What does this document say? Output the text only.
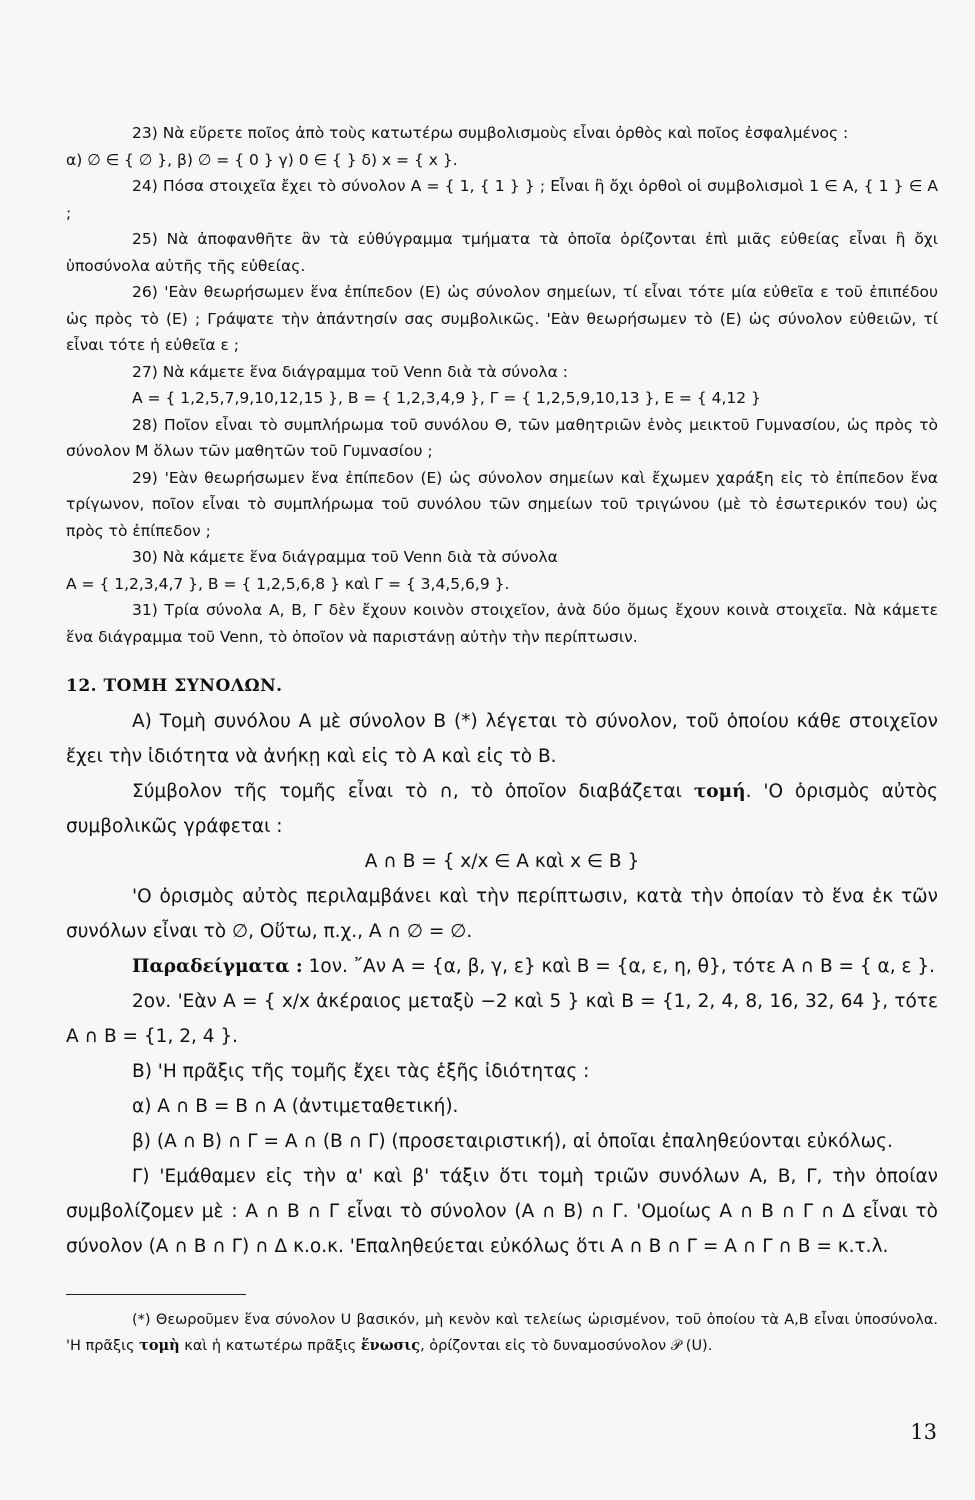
23) Νὰ εὕρετε ποῖος ἀπὸ τοὺς κατωτέρω συμβολισμοὺς εἶναι ὀρθὸς καὶ ποῖος ἐσφαλμένος :

α) ∅ ∈ { ∅ }, β) ∅ = { 0 } γ) 0 ∈ { } δ) x = { x }.

24) Πόσα στοιχεῖα ἔχει τὸ σύνολον A = { 1, { 1 } } ; Εἶναι ἢ ὄχι ὀρθοὶ οἱ συμβολισμοὶ 1 ∈ A, { 1 } ∈ A ;

25) Νὰ ἀποφανθῆτε ἂν τὰ εὐθύγραμμα τμήματα τὰ ὁποῖα ὁρίζονται ἐπὶ μιᾶς εὐθείας εἶναι ἢ ὄχι ὑποσύνολα αὐτῆς τῆς εὐθείας.

26) 'Εὰν θεωρήσωμεν ἕνα ἐπίπεδον (E) ὡς σύνολον σημείων, τί εἶναι τότε μία εὐθεῖα ε τοῦ ἐπιπέδου ὡς πρὸς τὸ (E) ; Γράψατε τὴν ἀπάντησίν σας συμβολικῶς. 'Εὰν θεωρήσωμεν τὸ (E) ὡς σύνολον εὐθειῶν, τί εἶναι τότε ἡ εὐθεῖα ε ;

27) Νὰ κάμετε ἕνα διάγραμμα τοῦ Venn διὰ τὰ σύνολα :

A = { 1,2,5,7,9,10,12,15 }, B = { 1,2,3,4,9 }, Γ = { 1,2,5,9,10,13 }, E = { 4,12 }

28) Ποῖον εἶναι τὸ συμπλήρωμα τοῦ συνόλου Θ, τῶν μαθητριῶν ἑνὸς μεικτοῦ Γυμνασίου, ὡς πρὸς τὸ σύνολον M ὅλων τῶν μαθητῶν τοῦ Γυμνασίου ;

29) 'Εὰν θεωρήσωμεν ἕνα ἐπίπεδον (E) ὡς σύνολον σημείων καὶ ἔχωμεν χαράξη εἰς τὸ ἐπίπεδον ἕνα τρίγωνον, ποῖον εἶναι τὸ συμπλήρωμα τοῦ συνόλου τῶν σημείων τοῦ τριγώνου (μὲ τὸ ἐσωτερικόν του) ὡς πρὸς τὸ ἐπίπεδον ;

30) Νὰ κάμετε ἕνα διάγραμμα τοῦ Venn διὰ τὰ σύνολα

A = { 1,2,3,4,7 }, B = { 1,2,5,6,8 } καὶ Γ = { 3,4,5,6,9 }.

31) Τρία σύνολα A, B, Γ δὲν ἔχουν κοινὸν στοιχεῖον, ἀνὰ δύο ὅμως ἔχουν κοινὰ στοιχεῖα. Νὰ κάμετε ἕνα διάγραμμα τοῦ Venn, τὸ ὁποῖον νὰ παριστάνῃ αὐτὴν τὴν περίπτωσιν.

12. ΤΟΜΗ ΣΥΝΟΛΩΝ.

A) Τομὴ συνόλου A μὲ σύνολον B (*) λέγεται τὸ σύνολον, τοῦ ὁποίου κάθε στοιχεῖον ἔχει τὴν ἰδιότητα νὰ ἀνήκῃ καὶ εἰς τὸ A καὶ εἰς τὸ B.

Σύμβολον τῆς τομῆς εἶναι τὸ ∩, τὸ ὁποῖον διαβάζεται τομή. 'Ο ὁρισμὸς αὐτὸς συμβολικῶς γράφεται :

A ∩ B = { x/x ∈ A καὶ x ∈ B }

'Ο ὁρισμὸς αὐτὸς περιλαμβάνει καὶ τὴν περίπτωσιν, κατὰ τὴν ὁποίαν τὸ ἕνα ἐκ τῶν συνόλων εἶναι τὸ ∅, Οὕτω, π.χ., A ∩ ∅ = ∅.

Παραδείγματα : 1ον. ῎Αν A = {α, β, γ, ε} καὶ B = {α, ε, η, θ}, τότε A ∩ B = { α, ε }.

2ον. 'Εὰν A = { x/x ἀκέραιος μεταξὺ −2 καὶ 5 } καὶ B = {1, 2, 4, 8, 16, 32, 64 }, τότε A ∩ B = {1, 2, 4 }.

B) 'Η πρᾶξις τῆς τομῆς ἔχει τὰς ἑξῆς ἰδιότητας :

α) A ∩ B = B ∩ A (ἀντιμεταθετική).

β) (A ∩ B) ∩ Γ = A ∩ (B ∩ Γ) (προσεταιριστική), αἱ ὁποῖαι ἐπαληθεύονται εὐκόλως.

Γ) 'Εμάθαμεν εἰς τὴν α' καὶ β' τάξιν ὅτι τομὴ τριῶν συνόλων A, B, Γ, τὴν ὁποίαν συμβολίζομεν μὲ : A ∩ B ∩ Γ εἶναι τὸ σύνολον (A ∩ B) ∩ Γ. 'Ομοίως A ∩ B ∩ Γ ∩ Δ εἶναι τὸ σύνολον (A ∩ B ∩ Γ) ∩ Δ κ.ο.κ. 'Επαληθεύεται εὐκόλως ὅτι A ∩ B ∩ Γ = A ∩ Γ ∩ B = κ.τ.λ.

(*) Θεωροῦμεν ἕνα σύνολον U βασικόν, μὴ κενὸν καὶ τελείως ὡρισμένον, τοῦ ὁποίου τὰ A,B εἶναι ὑποσύνολα. 'Η πρᾶξις τομὴ καὶ ἡ κατωτέρω πρᾶξις ἕνωσις, ὁρίζονται εἰς τὸ δυναμοσύνολον 𝒫 (U).

13
